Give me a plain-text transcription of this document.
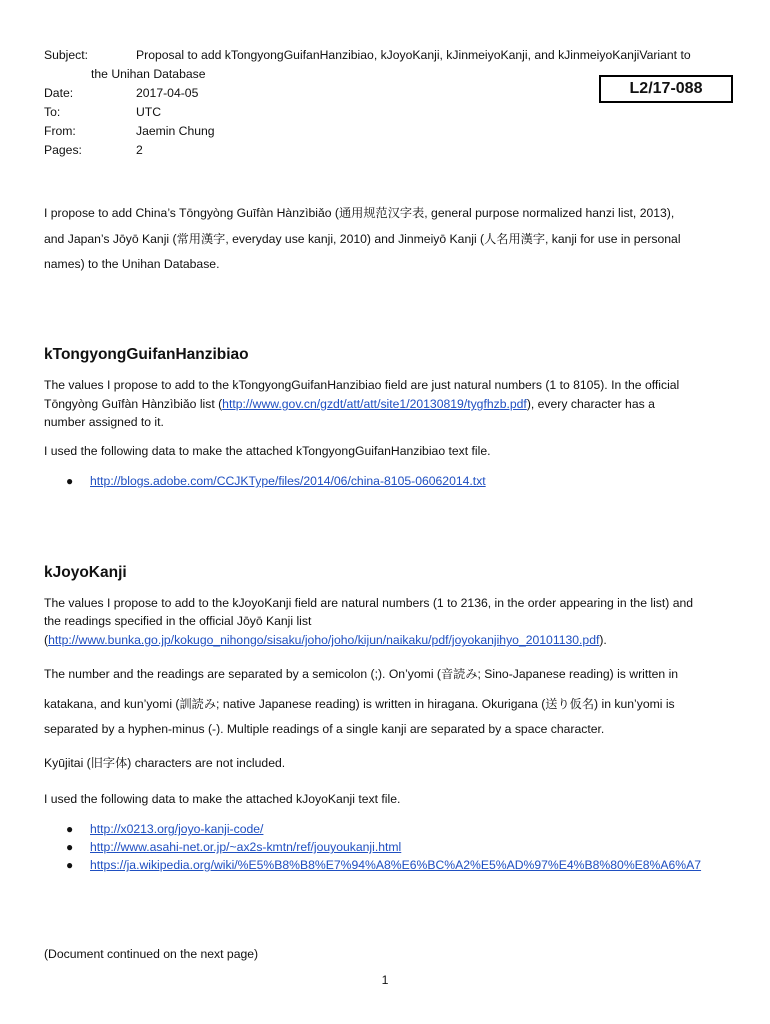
Subject:	Proposal to add kTongyongGuifanHanzibiao, kJoyoKanji, kJinmeiyoKanji, and kJinmeiyoKanjiVariant to
the Unihan Database
L2/17-088
Date:	2017-04-05
To:	UTC
From:	Jaemin Chung
Pages:	2

I propose to add China’s Tōngyòng Guīfàn Hànzìbiǎo (通用规范汉字表, general purpose normalized hanzi list, 2013),

and Japan’s Jōyō Kanji (常用漢字, everyday use kanji, 2010) and Jinmeiyō Kanji (人名用漢字, kanji for use in personal

names) to the Unihan Database.

kTongyongGuifanHanzibiao

The values I propose to add to the kTongyongGuifanHanzibiao field are just natural numbers (1 to 8105). In the official

Tōngyòng Guīfàn Hànzìbiǎo list (http://www.gov.cn/gzdt/att/att/site1/20130819/tygfhzb.pdf), every character has a

number assigned to it.

I used the following data to make the attached kTongyongGuifanHanzibiao text file.

● http://blogs.adobe.com/CCJKType/files/2014/06/china-8105-06062014.txt
kJoyoKanji

The values I propose to add to the kJoyoKanji field are natural numbers (1 to 2136, in the order appearing in the list) and

the readings specified in the official Jōyō Kanji list

(http://www.bunka.go.jp/kokugo_nihongo/sisaku/joho/joho/kijun/naikaku/pdf/joyokanjihyo_20101130.pdf).

The number and the readings are separated by a semicolon (;). On’yomi (音読み; Sino-Japanese reading) is written in

katakana, and kun’yomi (訓読み; native Japanese reading) is written in hiragana. Okurigana (送り仮名) in kun’yomi is

separated by a hyphen-minus (-). Multiple readings of a single kanji are separated by a space character.

Kyūjitai (旧字体) characters are not included.

I used the following data to make the attached kJoyoKanji text file.

● http://x0213.org/joyo-kanji-code/
● http://www.asahi-net.or.jp/~ax2s-kmtn/ref/jouyoukanji.html
● https://ja.wikipedia.org/wiki/%E5%B8%B8%E7%94%A8%E6%BC%A2%E5%AD%97%E4%B8%80%E8%A6%A7

(Document continued on the next page)

1
